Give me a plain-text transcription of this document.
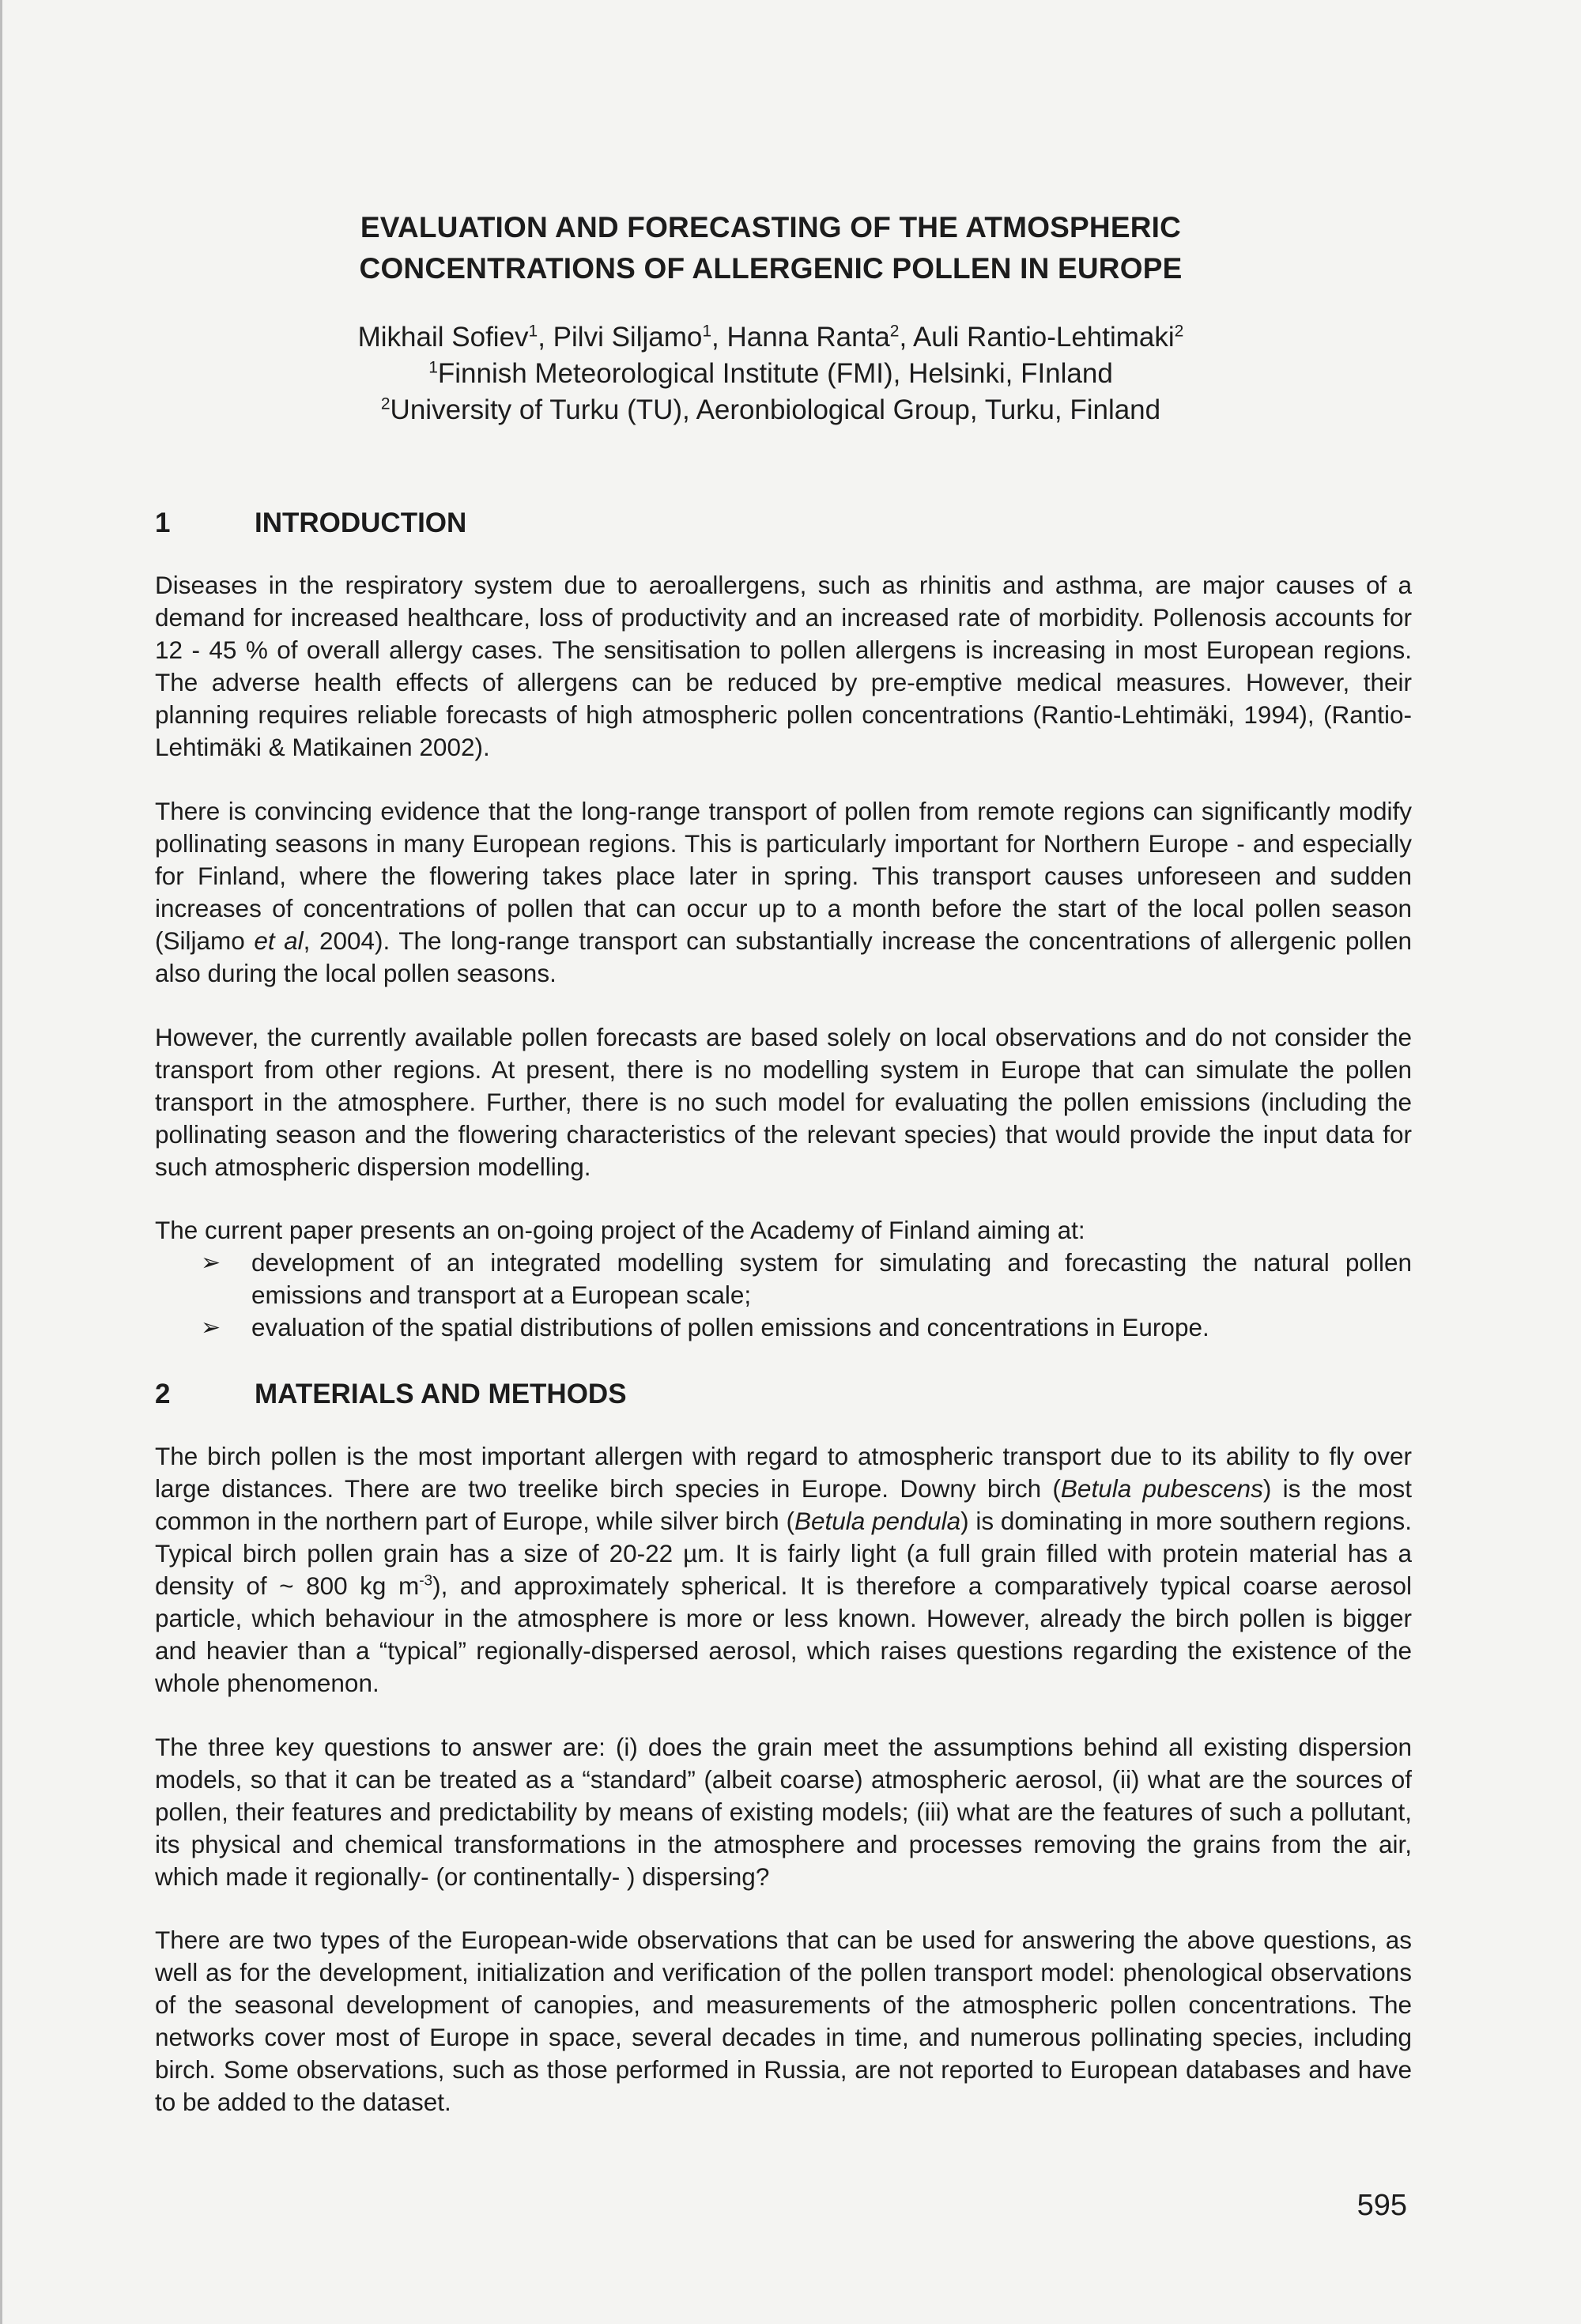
EVALUATION AND FORECASTING OF THE ATMOSPHERIC
CONCENTRATIONS OF ALLERGENIC POLLEN IN EUROPE
Mikhail Sofiev$^1$, Pilvi Siljamo$^1$, Hanna Ranta$^2$, Auli Rantio-Lehtimaki$^2$
$^1$Finnish Meteorological Institute (FMI), Helsinki, FInland
$^2$University of Turku (TU), Aeronbiological Group, Turku, Finland
1	INTRODUCTION
Diseases in the respiratory system due to aeroallergens, such as rhinitis and asthma, are major causes of a demand for increased healthcare, loss of productivity and an increased rate of morbidity. Pollenosis accounts for 12 - 45 % of overall allergy cases. The sensitisation to pollen allergens is increasing in most European regions. The adverse health effects of allergens can be reduced by pre-emptive medical measures. However, their planning requires reliable forecasts of high atmospheric pollen concentrations (Rantio-Lehtimäki, 1994), (Rantio-Lehtimäki & Matikainen 2002).
There is convincing evidence that the long-range transport of pollen from remote regions can significantly modify pollinating seasons in many European regions. This is particularly important for Northern Europe - and especially for Finland, where the flowering takes place later in spring. This transport causes unforeseen and sudden increases of concentrations of pollen that can occur up to a month before the start of the local pollen season (Siljamo et al, 2004). The long-range transport can substantially increase the concentrations of allergenic pollen also during the local pollen seasons.
However, the currently available pollen forecasts are based solely on local observations and do not consider the transport from other regions. At present, there is no modelling system in Europe that can simulate the pollen transport in the atmosphere. Further, there is no such model for evaluating the pollen emissions (including the pollinating season and the flowering characteristics of the relevant species) that would provide the input data for such atmospheric dispersion modelling.
The current paper presents an on-going project of the Academy of Finland aiming at:
➢ development of an integrated modelling system for simulating and forecasting the natural pollen emissions and transport at a European scale;
➢ evaluation of the spatial distributions of pollen emissions and concentrations in Europe.
2	MATERIALS AND METHODS
The birch pollen is the most important allergen with regard to atmospheric transport due to its ability to fly over large distances. There are two treelike birch species in Europe. Downy birch (Betula pubescens) is the most common in the northern part of Europe, while silver birch (Betula pendula) is dominating in more southern regions. Typical birch pollen grain has a size of 20-22 µm. It is fairly light (a full grain filled with protein material has a density of ~ 800 kg $m^{-3}$), and approximately spherical. It is therefore a comparatively typical coarse aerosol particle, which behaviour in the atmosphere is more or less known. However, already the birch pollen is bigger and heavier than a “typical” regionally-dispersed aerosol, which raises questions regarding the existence of the whole phenomenon.
The three key questions to answer are: (i) does the grain meet the assumptions behind all existing dispersion models, so that it can be treated as a “standard” (albeit coarse) atmospheric aerosol, (ii) what are the sources of pollen, their features and predictability by means of existing models; (iii) what are the features of such a pollutant, its physical and chemical transformations in the atmosphere and processes removing the grains from the air, which made it regionally- (or continentally- ) dispersing?
There are two types of the European-wide observations that can be used for answering the above questions, as well as for the development, initialization and verification of the pollen transport model: phenological observations of the seasonal development of canopies, and measurements of the atmospheric pollen concentrations. The networks cover most of Europe in space, several decades in time, and numerous pollinating species, including birch. Some observations, such as those performed in Russia, are not reported to European databases and have to be added to the dataset.
595
